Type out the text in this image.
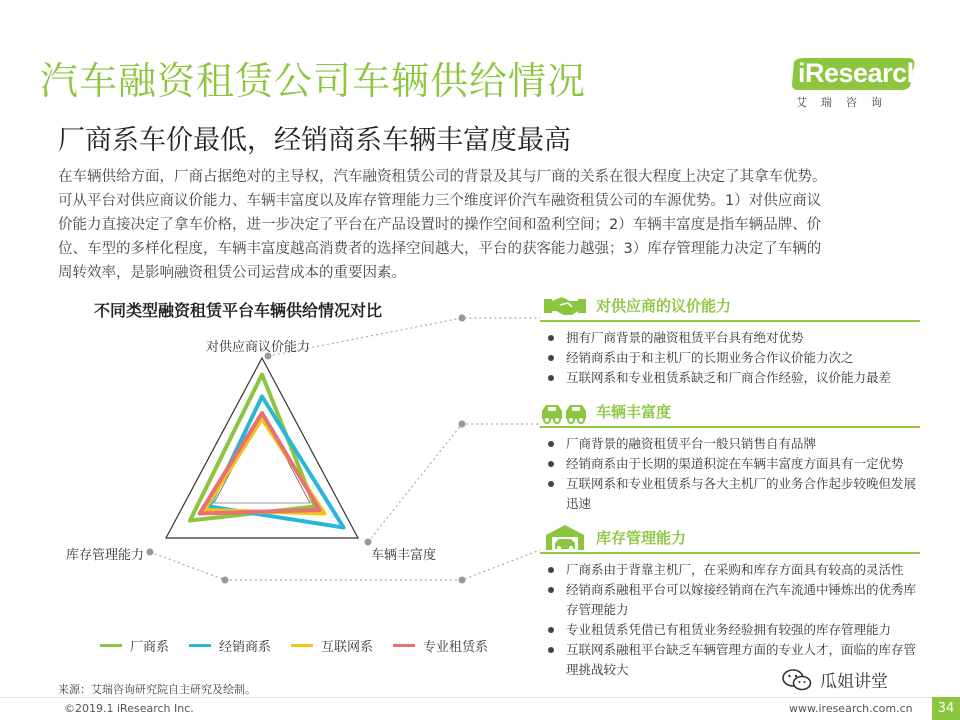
汽车融资租赁公司车辆供给情况
厂商系车价最低，经销商系车辆丰富度最高
iResearch
艾瑞咨询

在车辆供给方面，厂商占据绝对的主导权，汽车融资租赁公司的背景及其与厂商的关系在很大程度上决定了其拿车优势。

可从平台对供应商议价能力、车辆丰富度以及库存管理能力三个维度评价汽车融资租赁公司的车源优势。1）对供应商议

价能力直接决定了拿车价格，进一步决定了平台在产品设置时的操作空间和盈利空间；2）车辆丰富度是指车辆品牌、价

位、车型的多样化程度，车辆丰富度越高消费者的选择空间越大，平台的获客能力越强；3）库存管理能力决定了车辆的

周转效率，是影响融资租赁公司运营成本的重要因素。

不同类型融资租赁平台车辆供给情况对比
对供应商议价能力
车辆丰富度
库存管理能力
厂商系	经销商系	互联网系	专业租赁系
对供应商的议价能力
拥有厂商背景的融资租赁平台具有绝对优势
经销商系由于和主机厂的长期业务合作议价能力次之
互联网系和专业租赁系缺乏和厂商合作经验，议价能力最差
车辆丰富度
厂商背景的融资租赁平台一般只销售自有品牌
经销商系由于长期的渠道积淀在车辆丰富度方面具有一定优势
互联网系和专业租赁系与各大主机厂的业务合作起步较晚但发展迅速
库存管理能力
厂商系由于背靠主机厂，在采购和库存方面具有较高的灵活性
经销商系融租平台可以嫁接经销商在汽车流通中锤炼出的优秀库存管理能力
专业租赁系凭借已有租赁业务经验拥有较强的库存管理能力
互联网系融租平台缺乏车辆管理方面的专业人才，面临的库存管理挑战较大
瓜姐讲堂
来源：艾瑞咨询研究院自主研究及绘制。
©2019.1 iResearch Inc.	www.iresearch.com.cn	34
